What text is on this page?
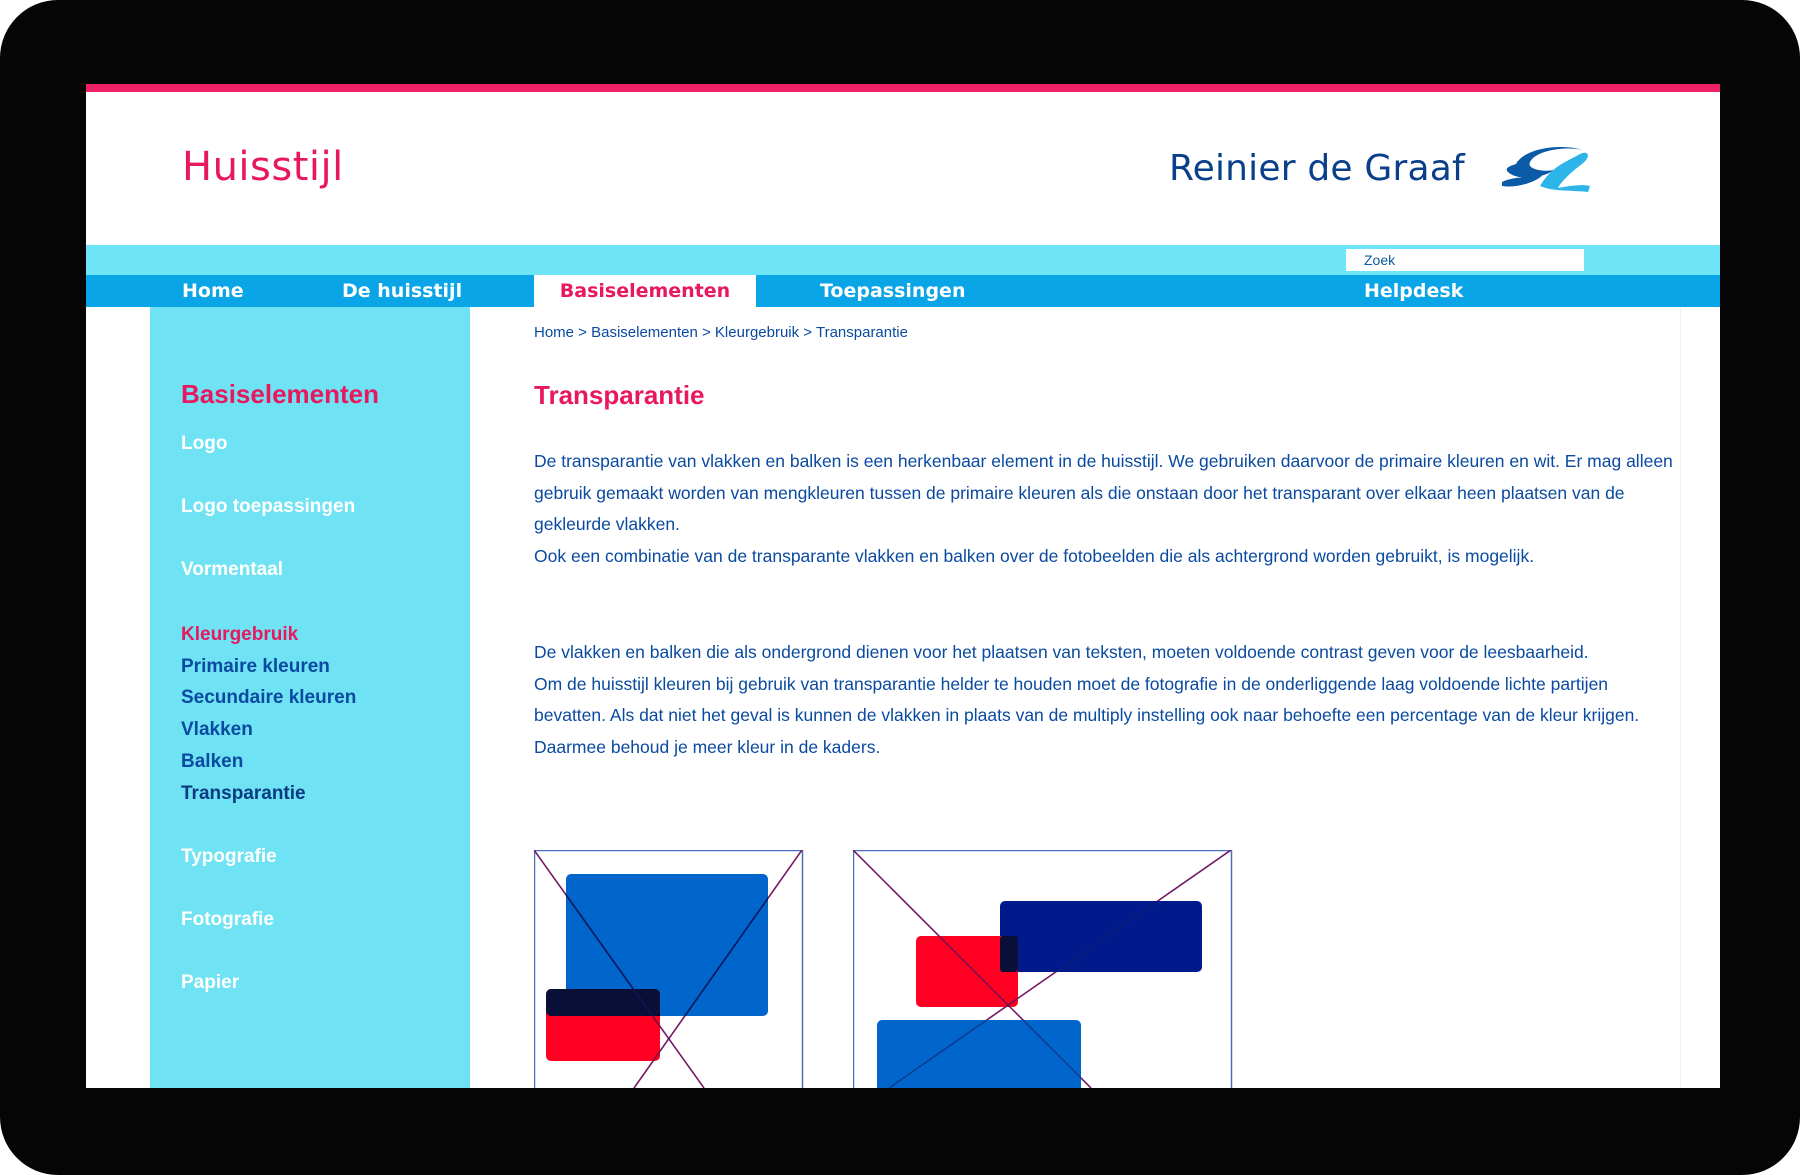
Huisstijl	Reinier de Graaf
Zoek
Home	De huisstijl	Basiselementen	Toepassingen	Helpdesk
Basiselementen
Logo
Logo toepassingen
Vormentaal
Kleurgebruik
Primaire kleuren
Secundaire kleuren
Vlakken
Balken
Transparantie
Typografie
Fotografie
Papier
Home > Basiselementen > Kleurgebruik > Transparantie
Transparantie

De transparantie van vlakken en balken is een herkenbaar element in de huisstijl. We gebruiken daarvoor de primaire kleuren en wit. Er mag alleen gebruik gemaakt worden van mengkleuren tussen de primaire kleuren als die onstaan door het transparant over elkaar heen plaatsen van de gekleurde vlakken.

Ook een combinatie van de transparante vlakken en balken over de fotobeelden die als achtergrond worden gebruikt, is mogelijk.

De vlakken en balken die als ondergrond dienen voor het plaatsen van teksten, moeten voldoende contrast geven voor de leesbaarheid.

Om de huisstijl kleuren bij gebruik van transparantie helder te houden moet de fotografie in de onderliggende laag voldoende lichte partijen bevatten. Als dat niet het geval is kunnen de vlakken in plaats van de multiply instelling ook naar behoefte een percentage van de kleur krijgen. Daarmee behoud je meer kleur in de kaders.
